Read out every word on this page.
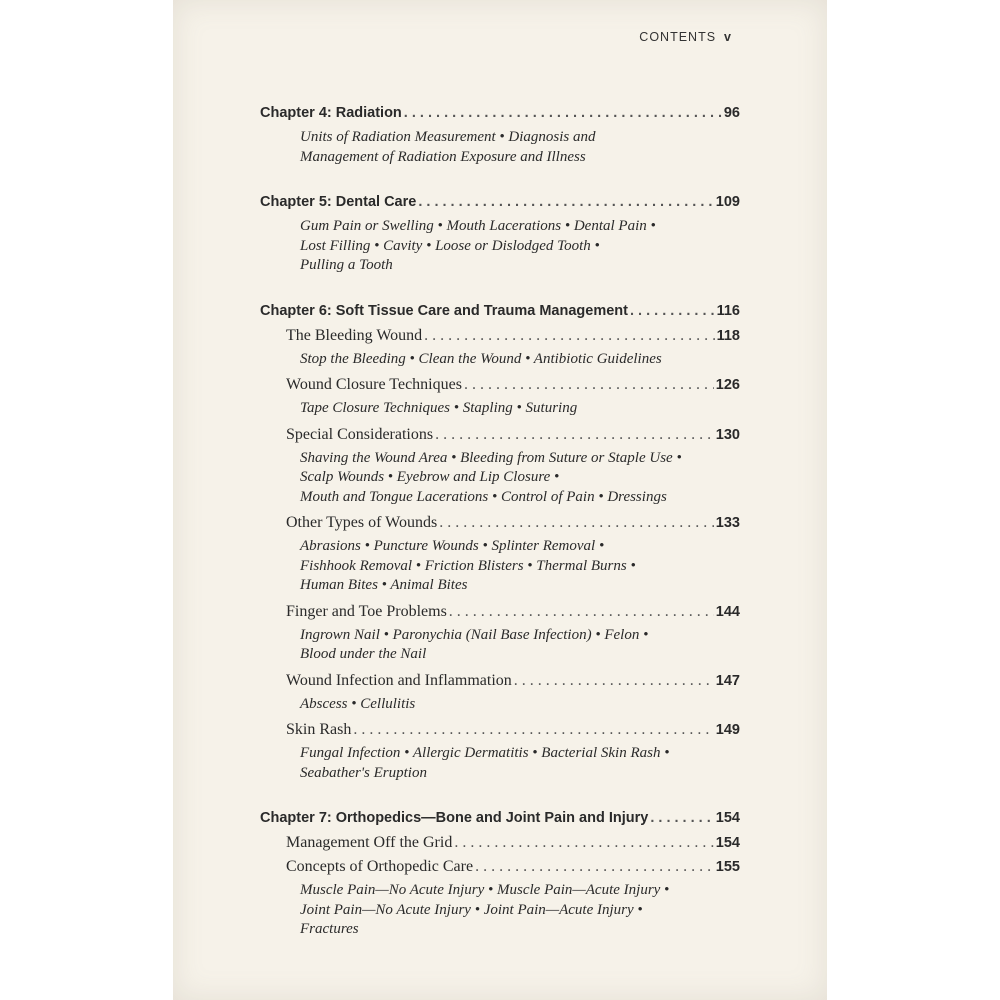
CONTENTS v
Chapter 4: Radiation . . .	96
Units of Radiation Measurement • Diagnosis and
Management of Radiation Exposure and Illness
Chapter 5: Dental Care . . .	109
Gum Pain or Swelling • Mouth Lacerations • Dental Pain •
Lost Filling • Cavity • Loose or Dislodged Tooth •
Pulling a Tooth
Chapter 6: Soft Tissue Care and Trauma Management . . .	116
The Bleeding Wound . . .	118
Stop the Bleeding • Clean the Wound • Antibiotic Guidelines
Wound Closure Techniques . . .	126
Tape Closure Techniques • Stapling • Suturing
Special Considerations . . .	130
Shaving the Wound Area • Bleeding from Suture or Staple Use •
Scalp Wounds • Eyebrow and Lip Closure •
Mouth and Tongue Lacerations • Control of Pain • Dressings
Other Types of Wounds . . .	133
Abrasions • Puncture Wounds • Splinter Removal •
Fishhook Removal • Friction Blisters • Thermal Burns •
Human Bites • Animal Bites
Finger and Toe Problems . . .	144
Ingrown Nail • Paronychia (Nail Base Infection) • Felon •
Blood under the Nail
Wound Infection and Inflammation . . .	147
Abscess • Cellulitis
Skin Rash . . .	149
Fungal Infection • Allergic Dermatitis • Bacterial Skin Rash •
Seabather's Eruption
Chapter 7: Orthopedics—Bone and Joint Pain and Injury . . .	154
Management Off the Grid . . .	154
Concepts of Orthopedic Care . . .	155
Muscle Pain—No Acute Injury • Muscle Pain—Acute Injury •
Joint Pain—No Acute Injury • Joint Pain—Acute Injury •
Fractures
